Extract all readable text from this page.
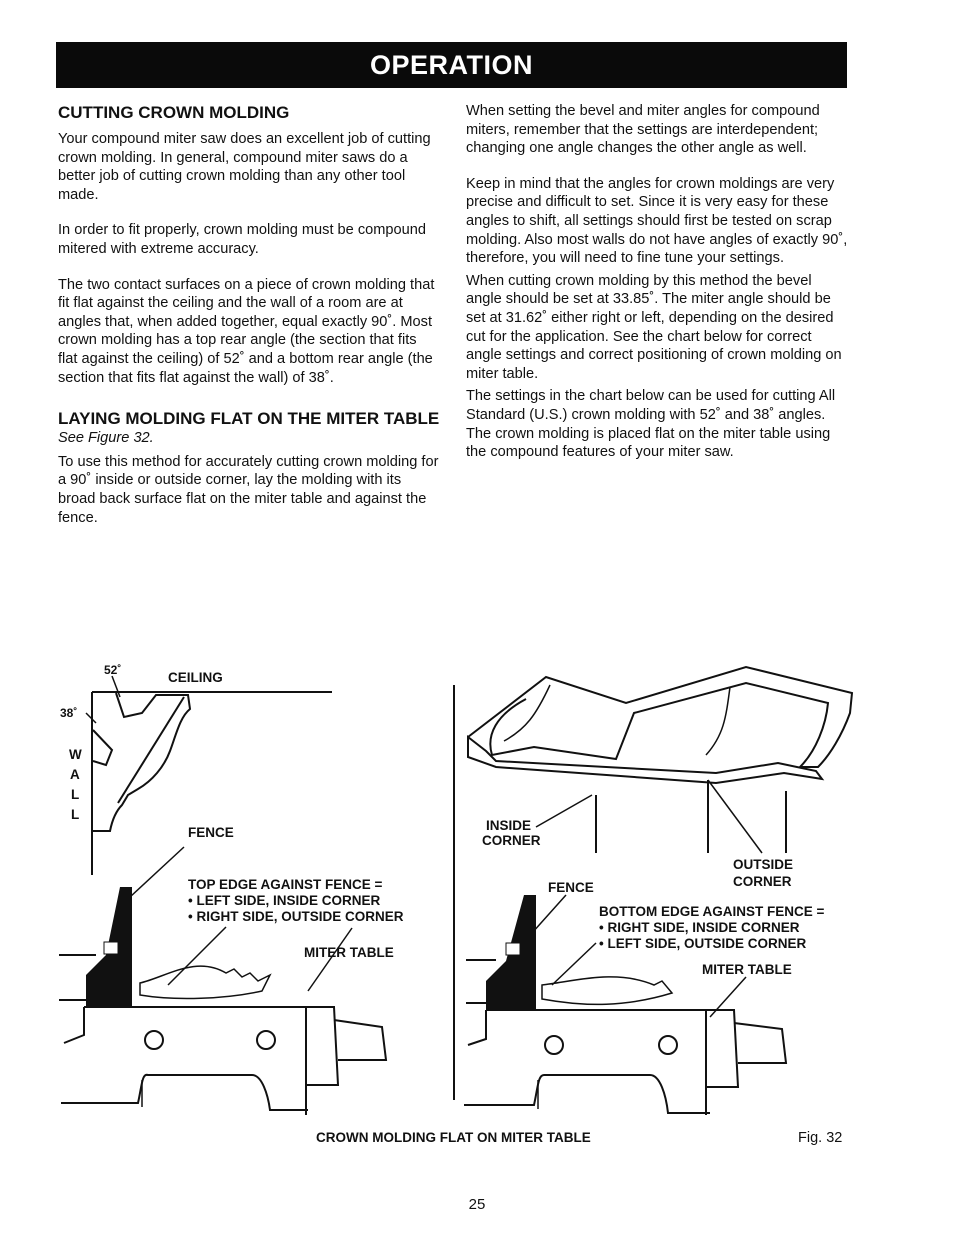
OPERATION
CUTTING CROWN MOLDING

Your compound miter saw does an excellent job of cutting crown molding. In general, compound miter saws do a better job of cutting crown molding than any other tool made.

In order to fit properly, crown molding must be compound mitered with extreme accuracy.

The two contact surfaces on a piece of crown molding that fit flat against the ceiling and the wall of a room are at angles that, when added together, equal exactly 90˚. Most crown molding has a top rear angle (the section that fits flat against the ceiling) of 52˚ and a bottom rear angle (the section that fits flat against the wall) of 38˚.

LAYING MOLDING FLAT ON THE MITER TABLE
See Figure 32.

To use this method for accurately cutting crown molding for a 90˚ inside or outside corner, lay the molding with its broad back surface flat on the miter table and against the fence.

When setting the bevel and miter angles for compound miters, remember that the settings are interdependent; changing one angle changes the other angle as well.

Keep in mind that the angles for crown moldings are very precise and difficult to set. Since it is very easy for these angles to shift, all settings should first be tested on scrap molding. Also most walls do not have angles of exactly 90˚, therefore, you will need to fine tune your settings.

When cutting crown molding by this method the bevel angle should be set at 33.85˚. The miter angle should be set at 31.62˚ either right or left, depending on the desired cut for the application. See the chart below for correct angle settings and correct positioning of crown molding on miter table.

The settings in the chart below can be used for cutting All Standard (U.S.) crown molding with 52˚ and 38˚ angles. The crown molding is placed flat on the miter table using the compound features of your miter saw.

52˚	CEILING
38˚
W
A
L
L
FENCE
TOP EDGE AGAINST FENCE =
• LEFT SIDE, INSIDE CORNER
• RIGHT SIDE, OUTSIDE CORNER
MITER TABLE
INSIDE
CORNER
OUTSIDE
CORNER
FENCE
BOTTOM EDGE AGAINST FENCE =
• RIGHT SIDE, INSIDE CORNER
• LEFT SIDE, OUTSIDE CORNER
MITER TABLE
CROWN MOLDING FLAT ON MITER TABLE	Fig. 32
25
